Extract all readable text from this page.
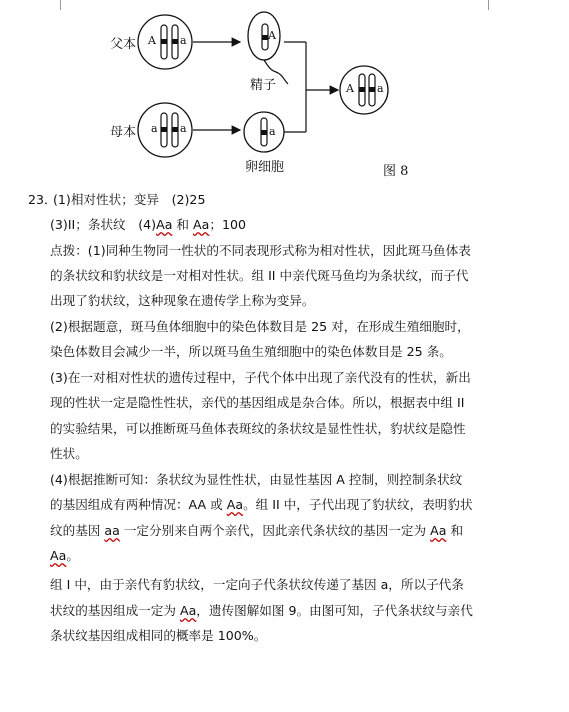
父本
母本
精子
卵细胞	图 8
A a	A
a a	a
A a
23．
(1)相对性状；变异　(2)25
(3)II；条状纹　(4)Aa 和 Aa；100
点拨：(1)同种生物同一性状的不同表现形式称为相对性状，因此斑马鱼体表
的条状纹和豹状纹是一对相对性状。组 II 中亲代斑马鱼均为条状纹，而子代
出现了豹状纹，这种现象在遗传学上称为变异。
(2)根据题意，斑马鱼体细胞中的染色体数目是 25 对，在形成生殖细胞时，
染色体数目会减少一半，所以斑马鱼生殖细胞中的染色体数目是 25 条。
(3)在一对相对性状的遗传过程中，子代个体中出现了亲代没有的性状，新出
现的性状一定是隐性性状，亲代的基因组成是杂合体。所以，根据表中组 II
的实验结果，可以推断斑马鱼体表斑纹的条状纹是显性性状，豹状纹是隐性
性状。
(4)根据推断可知：条状纹为显性性状，由显性基因 A 控制，则控制条状纹
的基因组成有两种情况：AA 或 Aa。组 II 中，子代出现了豹状纹，表明豹状
纹的基因 aa 一定分别来自两个亲代，因此亲代条状纹的基因一定为 Aa 和
Aa。
组 I 中，由于亲代有豹状纹，一定向子代条状纹传递了基因 a，所以子代条
状纹的基因组成一定为 Aa，遗传图解如图 9。由图可知，子代条状纹与亲代
条状纹基因组成相同的概率是 100%。
